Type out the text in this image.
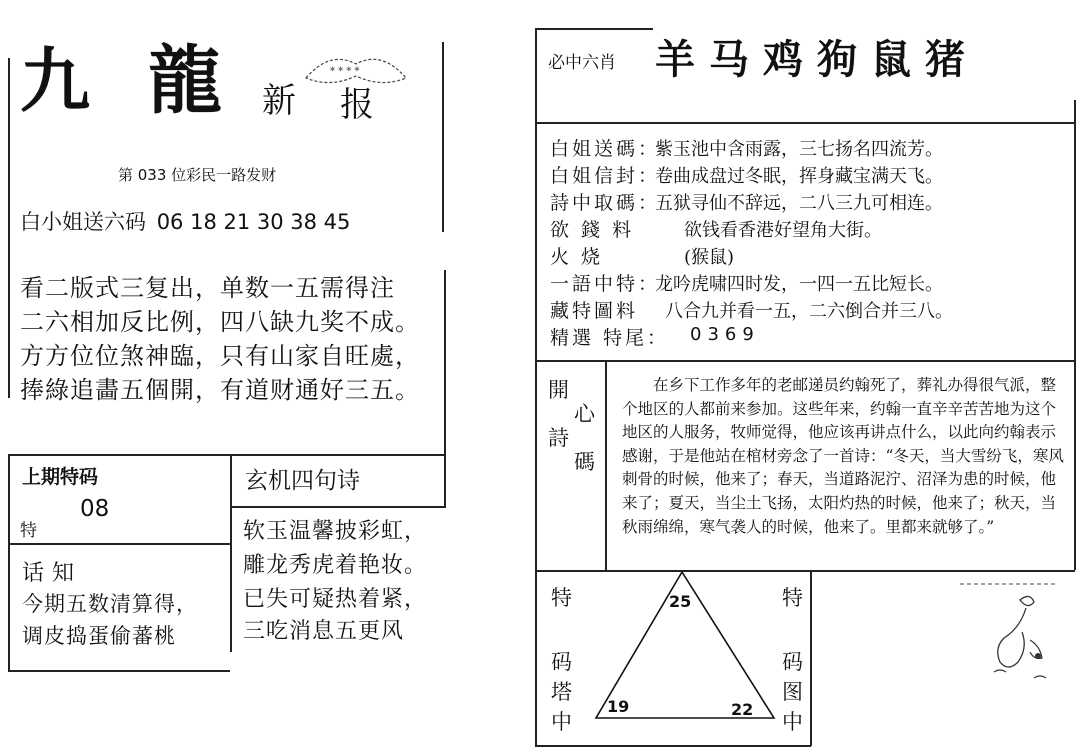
九 龍 新 报
* * * *
第 033 位彩民一路发财
白小姐送六码 06 18 21 30 38 45
看二版式三复出，单数一五需得注
二六相加反比例，四八缺九奖不成。
方方位位煞神臨，只有山家自旺處，
捧綠追畵五個開，有道财通好三五。
上期特码
08
特
玄机四句诗
软玉温馨披彩虹，
雕龙秀虎着艳妆。
已失可疑热着紧，
三吃消息五更风
话知
今期五数清算得，
调皮捣蛋偷蕃桃
必中六肖 羊马鸡狗鼠猪
白姐送碼：
紫玉池中含雨露，三七扬名四流芳。
白姐信封：
卷曲成盘过冬眠，挥身藏宝满天飞。
詩中取碼：
五狱寻仙不辞远，二八三九可相连。
欲 錢 料	欲钱看香港好望角大街。
火 烧	(猴鼠)
一語中特：
龙吟虎啸四时发，一四一五比短长。
藏特圖料 八合九并看一五，二六倒合并三八。
精選 特尾： 0369
開
心
詩
碼
在乡下工作多年的老邮递员约翰死了，葬礼办得很气派，整个地区的人都前来参加。这些年来，约翰一直辛辛苦苦地为这个地区的人服务，牧师觉得，他应该再讲点什么，以此向约翰表示感谢，于是他站在棺材旁念了一首诗：“冬天，当大雪纷飞，寒风刺骨的时候，他来了；春天，当道路泥泞、沼泽为患的时候，他来了；夏天，当尘土飞扬，太阳灼热的时候，他来了；秋天，当秋雨绵绵，寒气袭人的时候，他来了。里都来就够了。”
特
码
塔
中
特
码
图
中
25
19	22
